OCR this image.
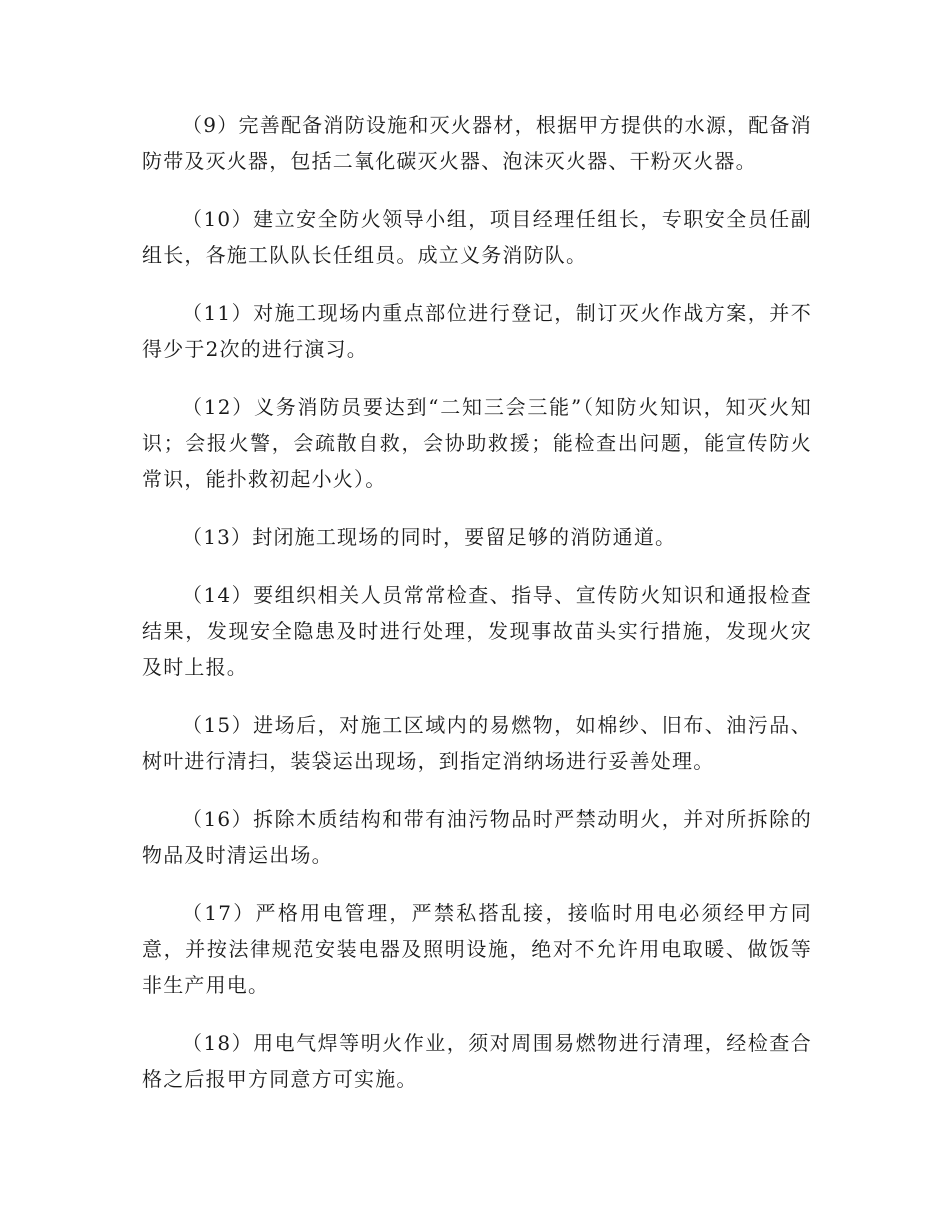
（9）完善配备消防设施和灭火器材，根据甲方提供的水源，配备消防带及灭火器，包括二氧化碳灭火器、泡沫灭火器、干粉灭火器。

（10）建立安全防火领导小组，项目经理任组长，专职安全员任副组长，各施工队队长任组员。成立义务消防队。

（11）对施工现场内重点部位进行登记，制订灭火作战方案，并不得少于2次的进行演习。

（12）义务消防员要达到“二知三会三能”（知防火知识，知灭火知识；会报火警，会疏散自救，会协助救援；能检查出问题，能宣传防火常识，能扑救初起小火）。

（13）封闭施工现场的同时，要留足够的消防通道。

（14）要组织相关人员常常检查、指导、宣传防火知识和通报检查结果，发现安全隐患及时进行处理，发现事故苗头实行措施，发现火灾及时上报。

（15）进场后，对施工区域内的易燃物，如棉纱、旧布、油污品、树叶进行清扫，装袋运出现场，到指定消纳场进行妥善处理。

（16）拆除木质结构和带有油污物品时严禁动明火，并对所拆除的物品及时清运出场。

（17）严格用电管理，严禁私搭乱接，接临时用电必须经甲方同意，并按法律规范安装电器及照明设施，绝对不允许用电取暖、做饭等非生产用电。

（18）用电气焊等明火作业，须对周围易燃物进行清理，经检查合格之后报甲方同意方可实施。
